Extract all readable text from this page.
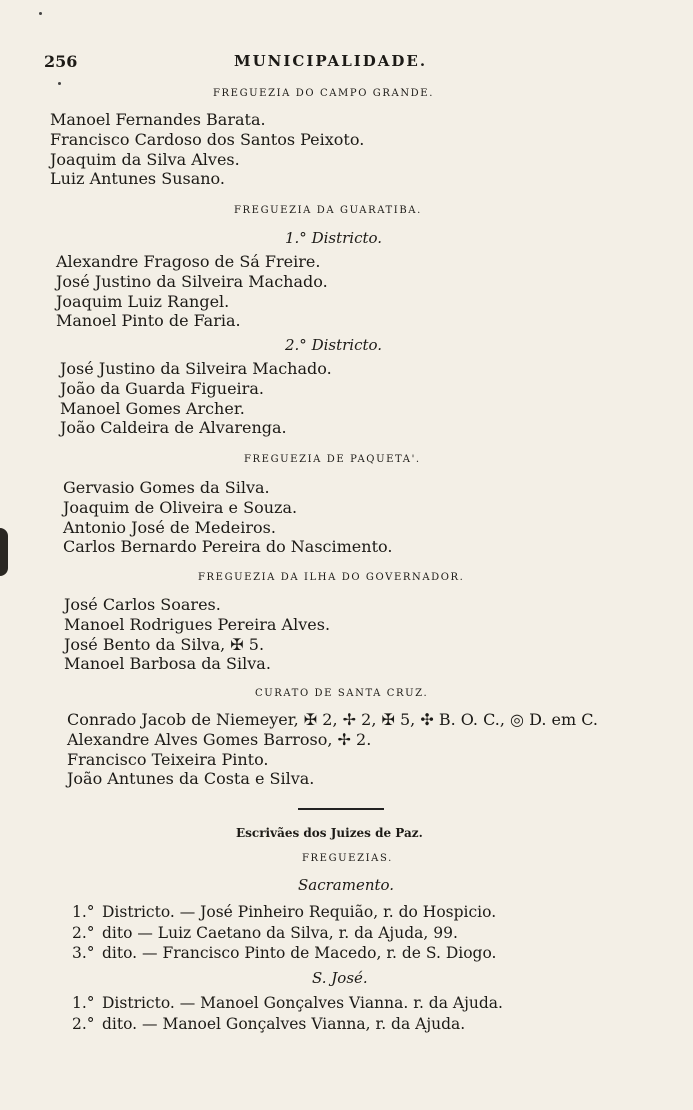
256	MUNICIPALIDADE.
FREGUEZIA DO CAMPO GRANDE.
Manoel Fernandes Barata.
Francisco Cardoso dos Santos Peixoto.
Joaquim da Silva Alves.
Luiz Antunes Susano.
FREGUEZIA DA GUARATIBA.
1.° Districto.
Alexandre Fragoso de Sá Freire.
José Justino da Silveira Machado.
Joaquim Luiz Rangel.
Manoel Pinto de Faria.
2.° Districto.
José Justino da Silveira Machado.
João da Guarda Figueira.
Manoel Gomes Archer.
João Caldeira de Alvarenga.
FREGUEZIA DE PAQUETA'.
Gervasio Gomes da Silva.
Joaquim de Oliveira e Souza.
Antonio José de Medeiros.
Carlos Bernardo Pereira do Nascimento.
FREGUEZIA DA ILHA DO GOVERNADOR.
José Carlos Soares.
Manoel Rodrigues Pereira Alves.
José Bento da Silva, ✠ 5.
Manoel Barbosa da Silva.
CURATO DE SANTA CRUZ.
Conrado Jacob de Niemeyer, ✠ 2, ✢ 2, ✠ 5, ✣ B. O. C., ◎ D. em C.
Alexandre Alves Gomes Barroso, ✢ 2.
Francisco Teixeira Pinto.
João Antunes da Costa e Silva.
Escrivães dos Juizes de Paz.
FREGUEZIAS.
Sacramento.
1.° Districto. — José Pinheiro Requião, r. do Hospicio.
2.° dito — Luiz Caetano da Silva, r. da Ajuda, 99.
3.° dito. — Francisco Pinto de Macedo, r. de S. Diogo.
S. José.
1.° Districto. — Manoel Gonçalves Vianna. r. da Ajuda.
2.° dito. — Manoel Gonçalves Vianna, r. da Ajuda.
